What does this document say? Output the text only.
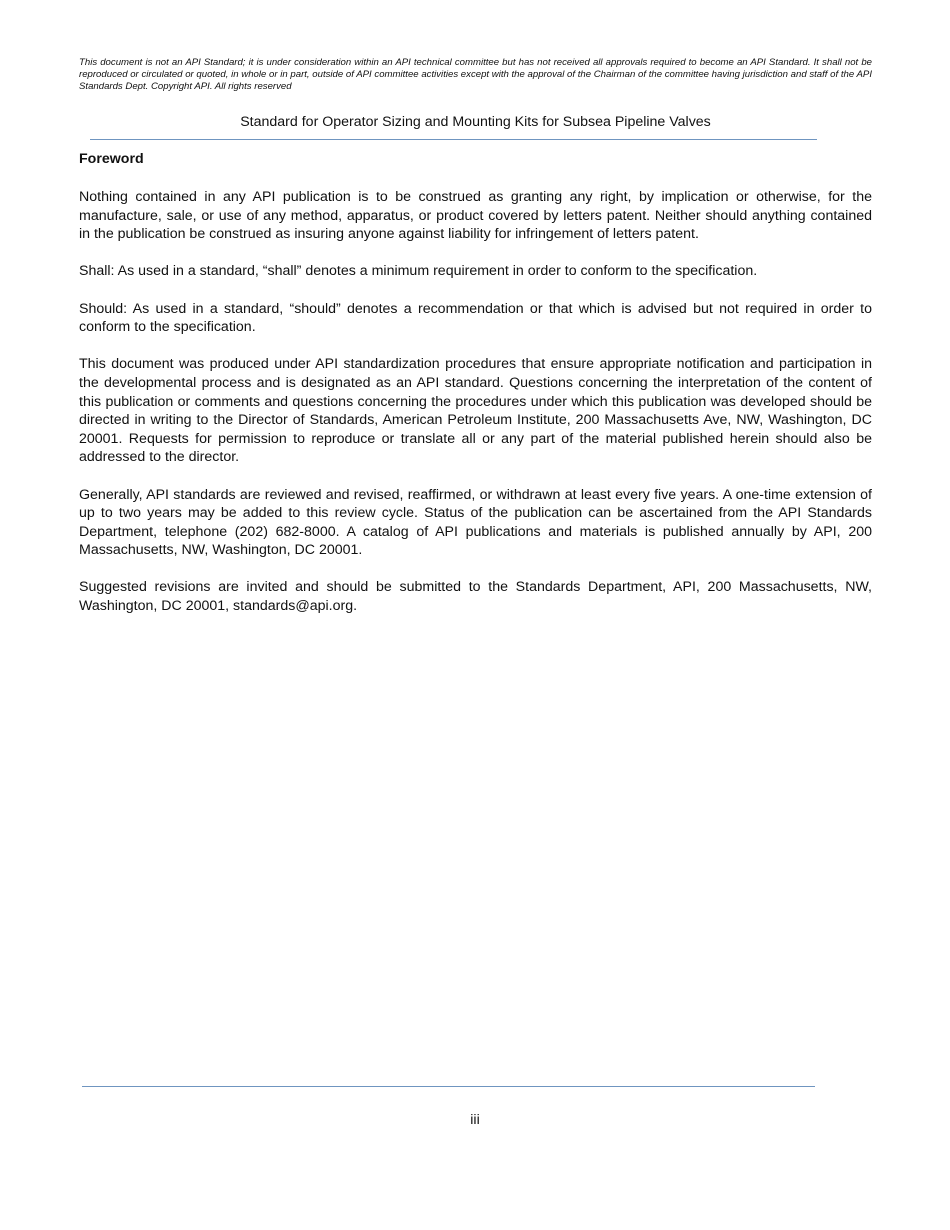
This document is not an API Standard; it is under consideration within an API technical committee but has not received all approvals required to become an API Standard. It shall not be reproduced or circulated or quoted, in whole or in part, outside of API committee activities except with the approval of the Chairman of the committee having jurisdiction and staff of the API Standards Dept. Copyright API. All rights reserved

Standard for Operator Sizing and Mounting Kits for Subsea Pipeline Valves

Foreword

Nothing contained in any API publication is to be construed as granting any right, by implication or otherwise, for the manufacture, sale, or use of any method, apparatus, or product covered by letters patent. Neither should anything contained in the publication be construed as insuring anyone against liability for infringement of letters patent.

Shall: As used in a standard, “shall” denotes a minimum requirement in order to conform to the specification.

Should: As used in a standard, “should” denotes a recommendation or that which is advised but not required in order to conform to the specification.

This document was produced under API standardization procedures that ensure appropriate notification and participation in the developmental process and is designated as an API standard. Questions concerning the interpretation of the content of this publication or comments and questions concerning the procedures under which this publication was developed should be directed in writing to the Director of Standards, American Petroleum Institute, 200 Massachusetts Ave, NW, Washington, DC 20001. Requests for permission to reproduce or translate all or any part of the material published herein should also be addressed to the director.

Generally, API standards are reviewed and revised, reaffirmed, or withdrawn at least every five years. A one-time extension of up to two years may be added to this review cycle. Status of the publication can be ascertained from the API Standards Department, telephone (202) 682-8000. A catalog of API publications and materials is published annually by API, 200 Massachusetts, NW, Washington, DC 20001.

Suggested revisions are invited and should be submitted to the Standards Department, API, 200 Massachusetts, NW, Washington, DC 20001, standards@api.org.

iii
